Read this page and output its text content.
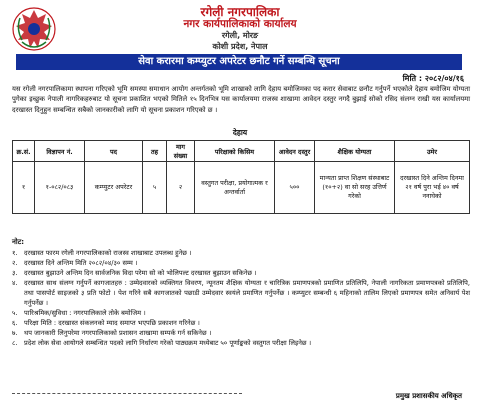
रगेली नगरपालिका
नगर कार्यपालिकाको कार्यालय
रगेली, मोरङ
कोशी प्रदेश, नेपाल
सेवा करारमा कम्प्युटर अपरेटर छनौट गर्ने सम्बन्धि सूचना
मिति : २०८२/०४/१६
यस रगेली नगरपालिकामा स्थापना गरिएको भूमि समस्या समाधान आयोग अन्तर्गतको भूमि शाखाको लागि देहाय बमोजिमका पद करार सेवाबाट छनौट गर्नुपर्ने भएकोले देहाय बमोजिम योग्यता पुगेका इच्छुक नेपाली नागरिकहरुबाट यो सूचना प्रकाशित भएको मितिले १५ दिनभित्र यस कार्यालयमा राजस्व शाखामा आवेदन दस्तुर नगदै बुझाई सोको रसिद संलग्न राखी यस कार्यालयमा दरखास्त दिनुहुन सम्बन्धित सबैको जानकारीको लागि यो सूचना प्रकाशन गरिएको छ ।
देहाय
क्र.सं.	विज्ञापन नं.	पद	तह	माग संख्या	परिक्षाको किसिम	आवेदन दस्तुर	शैक्षिक योग्यता	उमेर
१	१-०८२/०८३	कम्प्युटर अपरेटर	५	२	वस्तुगत परीक्षा, प्रयोगात्मक र अन्तर्वार्ता	५००	मान्यता प्राप्त शिक्षण संस्थाबाट (१०+२) वा सो सरह उत्तिर्ण गरेको	दरखास्त दिने अन्तिम दिनमा २१ वर्ष पुरा भई ४० वर्ष ननाघेको
नोट:
१. दरखास्त फारम रगेली नगरपालिकाको राजस्व शाखाबाट उपलब्ध हुनेछ ।
२. दरखास्त दिने अन्तिम मिति २०८२/०४/३० सम्म ।
३. दरखास्त बुझाउने अन्तिम दिन सार्वजनिक विदा परेमा सो को भोलिपल्ट दरखास्त बुझाउन सकिनेछ ।
४. दरखास्त साथ संलग्न गर्नुपर्ने कागजातहरु : उम्मेदवारको व्यक्तिगत विवरण, न्यूनतम शैक्षिक योग्यता र चारित्रिक प्रमाणपत्रको प्रमाणित प्रतिलिपि, नेपाली नागरिकता प्रमाणपत्रको प्रतिलिपि, तथा पासपोर्ट साइजको ३ प्रति फोटो । पेश गरिने सबै कागजातको पछाडी उम्मेदवार स्वयंले प्रमाणित गर्नुपर्नेछ । कम्प्युटर सम्बन्धी ६ महिनाको तालिम लिएको प्रमाणपत्र समेत अनिवार्य पेश गर्नुपर्नेछ ।
५. पारिश्रमिक/सुविधा : नगरपालिकाले तोके बमोजिम ।
६. परिक्षा मिति : दरखास्त संकलनको म्याद समाप्त भएपछि प्रकाशन गरिनेछ ।
७. थप जानकारी लिनुपरेमा नगरपालिकाको प्रशासन शाखामा सम्पर्क गर्न सकिनेछ ।
८. प्रदेश लोक सेवा आयोगले सम्बन्धित पदको लागि निर्धारण गरेको पाठ्यक्रम मध्येबाट ५० पूर्णाङ्कको वस्तुगत परीक्षा लिइनेछ ।
प्रमुख प्रशासकीय अधिकृत
